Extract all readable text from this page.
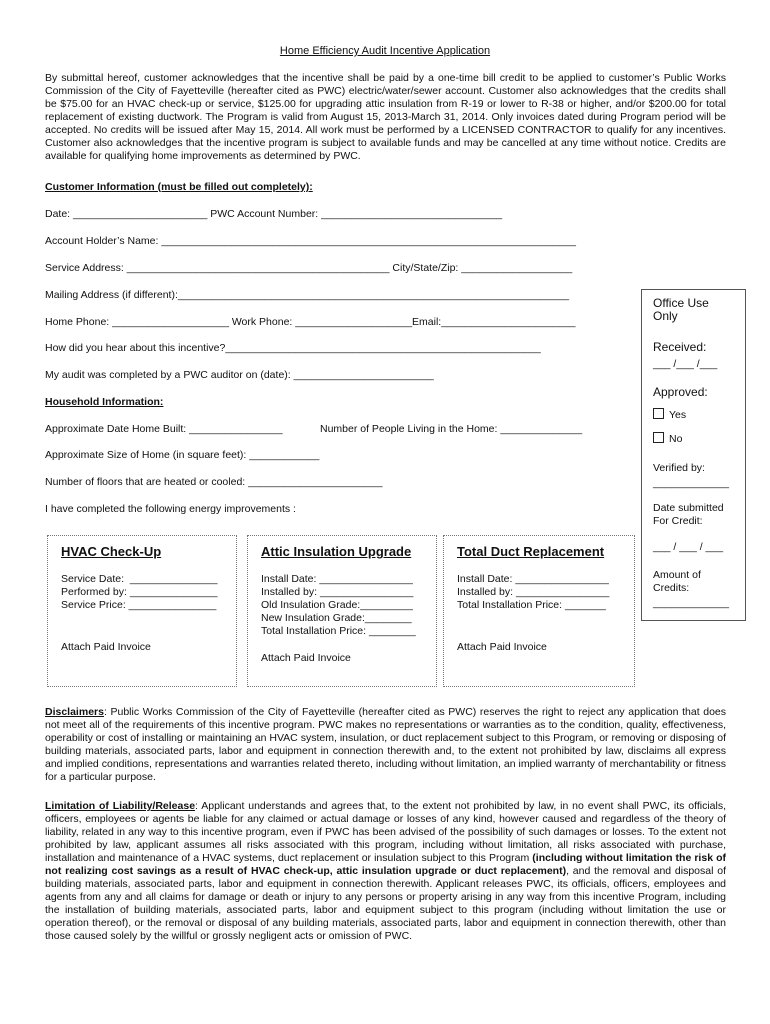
Home Efficiency Audit Incentive Application
By submittal hereof, customer acknowledges that the incentive shall be paid by a one-time bill credit to be applied to customer’s Public Works Commission of the City of Fayetteville (hereafter cited as PWC) electric/water/sewer account. Customer also acknowledges that the credits shall be $75.00 for an HVAC check-up or service, $125.00 for upgrading attic insulation from R-19 or lower to R-38 or higher, and/or $200.00 for total replacement of existing ductwork. The Program is valid from August 15, 2013-March 31, 2014. Only invoices dated during Program period will be accepted. No credits will be issued after May 15, 2014. All work must be performed by a LICENSED CONTRACTOR to qualify for any incentives. Customer also acknowledges that the incentive program is subject to available funds and may be cancelled at any time without notice. Credits are available for qualifying home improvements as determined by PWC.
Customer Information (must be filled out completely):
Date: _______________________ PWC Account Number: _______________________________
Account Holder’s Name: _______________________________________________________________________
Service Address: _____________________________________________ City/State/Zip: ___________________
Mailing Address (if different):___________________________________________________________________
Home Phone: ____________________ Work Phone: ____________________Email:_______________________
How did you hear about this incentive?______________________________________________________
My audit was completed by a PWC auditor on (date): ________________________
Household Information:
Approximate Date Home Built: ________________	Number of People Living in the Home: ______________
Approximate Size of Home (in square feet): ____________
Number of floors that are heated or cooled: _______________________
I have completed the following energy improvements :
HVAC Check-Up
Service Date:  _______________
Performed by: _______________
Service Price: _______________
Attach Paid Invoice
Attic Insulation Upgrade
Install Date: ________________
Installed by: ________________
Old Insulation Grade:_________
New Insulation Grade:________
Total Installation Price: ________
Attach Paid Invoice
Total Duct Replacement
Install Date: ________________
Installed by: ________________
Total Installation Price: _______
Attach Paid Invoice
Office Use
Only
Received:
___ /___ /___
Approved:
Yes
No
Verified by:
_____________
Date submitted
For Credit:
___ / ___ / ___
Amount of
Credits:
_____________
Disclaimers: Public Works Commission of the City of Fayetteville (hereafter cited as PWC) reserves the right to reject any application that does not meet all of the requirements of this incentive program. PWC makes no representations or warranties as to the condition, quality, effectiveness, operability or cost of installing or maintaining an HVAC system, insulation, or duct replacement subject to this Program, or removing or disposing of building materials, associated parts, labor and equipment in connection therewith and, to the extent not prohibited by law, disclaims all express and implied conditions, representations and warranties related thereto, including without limitation, an implied warranty of merchantability or fitness for a particular purpose.
Limitation of Liability/Release: Applicant understands and agrees that, to the extent not prohibited by law, in no event shall PWC, its officials, officers, employees or agents be liable for any claimed or actual damage or losses of any kind, however caused and regardless of the theory of liability, related in any way to this incentive program, even if PWC has been advised of the possibility of such damages or losses. To the extent not prohibited by law, applicant assumes all risks associated with this program, including without limitation, all risks associated with purchase, installation and maintenance of a HVAC systems, duct replacement or insulation subject to this Program (including without limitation the risk of not realizing cost savings as a result of HVAC check-up, attic insulation upgrade or duct replacement), and the removal and disposal of building materials, associated parts, labor and equipment in connection therewith. Applicant releases PWC, its officials, officers, employees and agents from any and all claims for damage or death or injury to any persons or property arising in any way from this incentive Program, including the installation of building materials, associated parts, labor and equipment subject to this program (including without limitation the use or operation thereof), or the removal or disposal of any building materials, associated parts, labor and equipment in connection therewith, other than those caused solely by the willful or grossly negligent acts or omission of PWC.
